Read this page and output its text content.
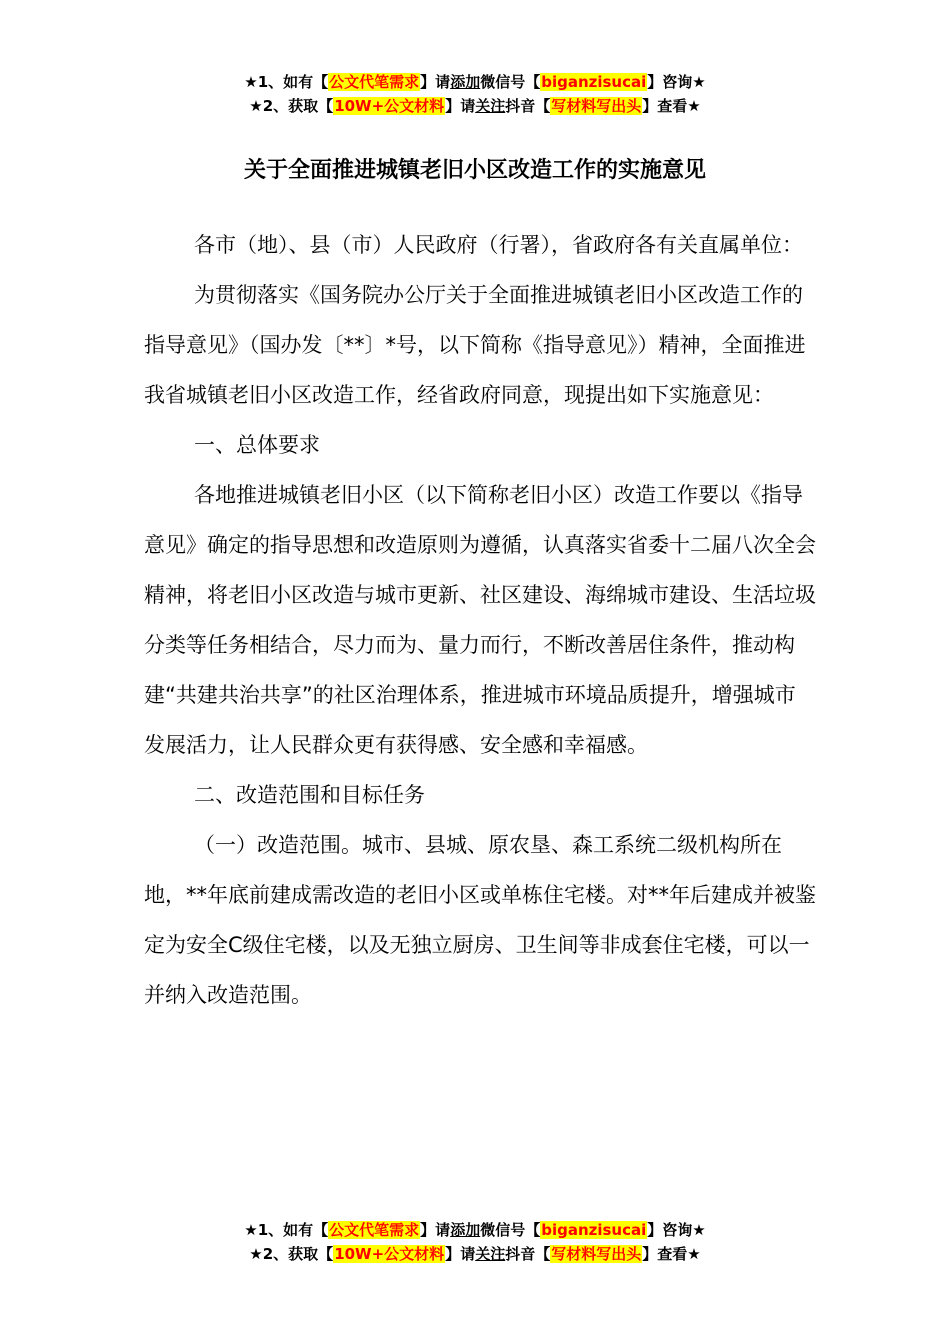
★1、如有【公文代笔需求】请添加微信号【biganzisucai】咨询★
★2、获取【10W+公文材料】请关注抖音【写材料写出头】查看★
关于全面推进城镇老旧小区改造工作的实施意见

各市（地）、县（市）人民政府（行署），省政府各有关直属单位：

为贯彻落实《国务院办公厅关于全面推进城镇老旧小区改造工作的指导意见》（国办发〔**〕*号，以下简称《指导意见》）精神，全面推进我省城镇老旧小区改造工作，经省政府同意，现提出如下实施意见：

一、总体要求

各地推进城镇老旧小区（以下简称老旧小区）改造工作要以《指导意见》确定的指导思想和改造原则为遵循，认真落实省委十二届八次全会精神，将老旧小区改造与城市更新、社区建设、海绵城市建设、生活垃圾分类等任务相结合，尽力而为、量力而行，不断改善居住条件，推动构建“共建共治共享”的社区治理体系，推进城市环境品质提升，增强城市发展活力，让人民群众更有获得感、安全感和幸福感。

二、改造范围和目标任务

（一）改造范围。城市、县城、原农垦、森工系统二级机构所在地，**年底前建成需改造的老旧小区或单栋住宅楼。对**年后建成并被鉴定为安全C级住宅楼，以及无独立厨房、卫生间等非成套住宅楼，可以一并纳入改造范围。

★1、如有【公文代笔需求】请添加微信号【biganzisucai】咨询★
★2、获取【10W+公文材料】请关注抖音【写材料写出头】查看★
